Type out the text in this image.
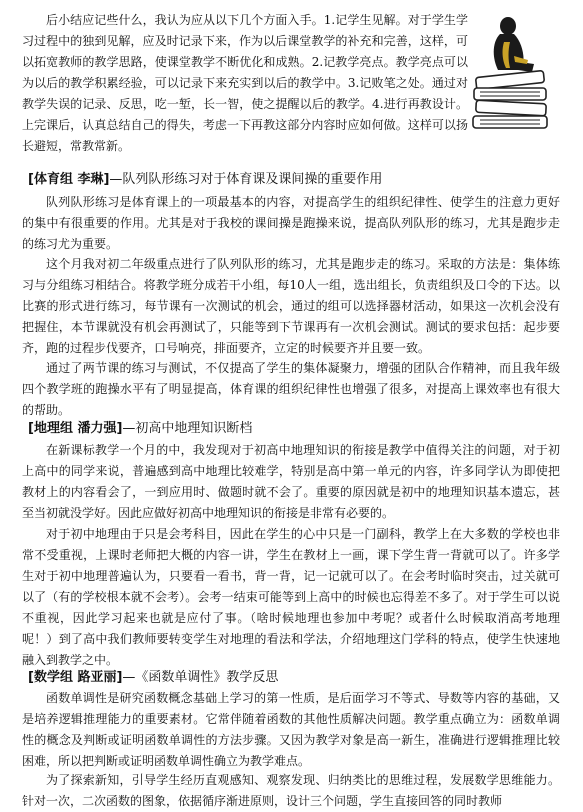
后小结应记些什么，我认为应从以下几个方面入手。1.记学生见解。对于学生学习过程中的独到见解，应及时记录下来，作为以后课堂教学的补充和完善，这样，可以拓宽教师的教学思路，使课堂教学不断优化和成熟。2.记教学亮点。教学亮点可以为以后的教学积累经验，可以记录下来充实到以后的教学中。3.记败笔之处。通过对教学失误的记录、反思，吃一堑，长一智，使之提醒以后的教学。4.进行再教设计。上完课后，认真总结自己的得失，考虑一下再教这部分内容时应如何做。这样可以扬长避短，常教常新。

[体育组 李琳]—队列队形练习对于体育课及课间操的重要作用

队列队形练习是体育课上的一项最基本的内容，对提高学生的组织纪律性、使学生的注意力更好的集中有很重要的作用。尤其是对于我校的课间操是跑操来说，提高队列队形的练习，尤其是跑步走的练习尤为重要。

这个月我对初二年级重点进行了队列队形的练习，尤其是跑步走的练习。采取的方法是：集体练习与分组练习相结合。将教学班分成若干小组，每10人一组，选出组长，负责组织及口令的下达。以比赛的形式进行练习，每节课有一次测试的机会，通过的组可以选择器材活动，如果这一次机会没有把握住，本节课就没有机会再测试了，只能等到下节课再有一次机会测试。测试的要求包括：起步要齐，跑的过程步伐要齐，口号响亮，排面要齐，立定的时候要齐并且要一致。

通过了两节课的练习与测试，不仅提高了学生的集体凝聚力，增强的团队合作精神，而且我年级四个教学班的跑操水平有了明显提高，体育课的组织纪律性也增强了很多，对提高上课效率也有很大的帮助。

[地理组 潘力强]—初高中地理知识断档

在新课标教学一个月的中，我发现对于初高中地理知识的衔接是教学中值得关注的问题，对于初上高中的同学来说，普遍感到高中地理比较难学，特别是高中第一单元的内容，许多同学认为即使把教材上的内容看会了，一到应用时、做题时就不会了。重要的原因就是初中的地理知识基本遗忘，甚至当初就没学好。因此应做好初高中地理知识的衔接是非常有必要的。

对于初中地理由于只是会考科目，因此在学生的心中只是一门副科，教学上在大多数的学校也非常不受重视，上课时老师把大概的内容一讲，学生在教材上一画，课下学生背一背就可以了。许多学生对于初中地理普遍认为，只要看一看书，背一背，记一记就可以了。在会考时临时突击，过关就可以了（有的学校根本就不会考）。会考一结束可能等到上高中的时候也忘得差不多了。对于学生可以说不重视，因此学习起来也就是应付了事。（啥时候地理也参加中考呢？或者什么时候取消高考地理呢！）到了高中我们教师要转变学生对地理的看法和学法，介绍地理这门学科的特点，使学生快速地融入到教学之中。

[数学组 路亚丽]—《函数单调性》教学反思

函数单调性是研究函数概念基础上学习的第一性质，是后面学习不等式、导数等内容的基础，又是培养逻辑推理能力的重要素材。它常伴随着函数的其他性质解决问题。教学重点确立为：函数单调性的概念及判断或证明函数单调性的方法步骤。又因为教学对象是高一新生，准确进行逻辑推理比较困难，所以把判断或证明函数单调性确立为教学难点。

为了探索新知，引导学生经历直观感知、观察发现、归纳类比的思维过程，发展数学思维能力。针对一次，二次函数的图象，依据循序渐进原则，设计三个问题，学生直接回答的同时教师
